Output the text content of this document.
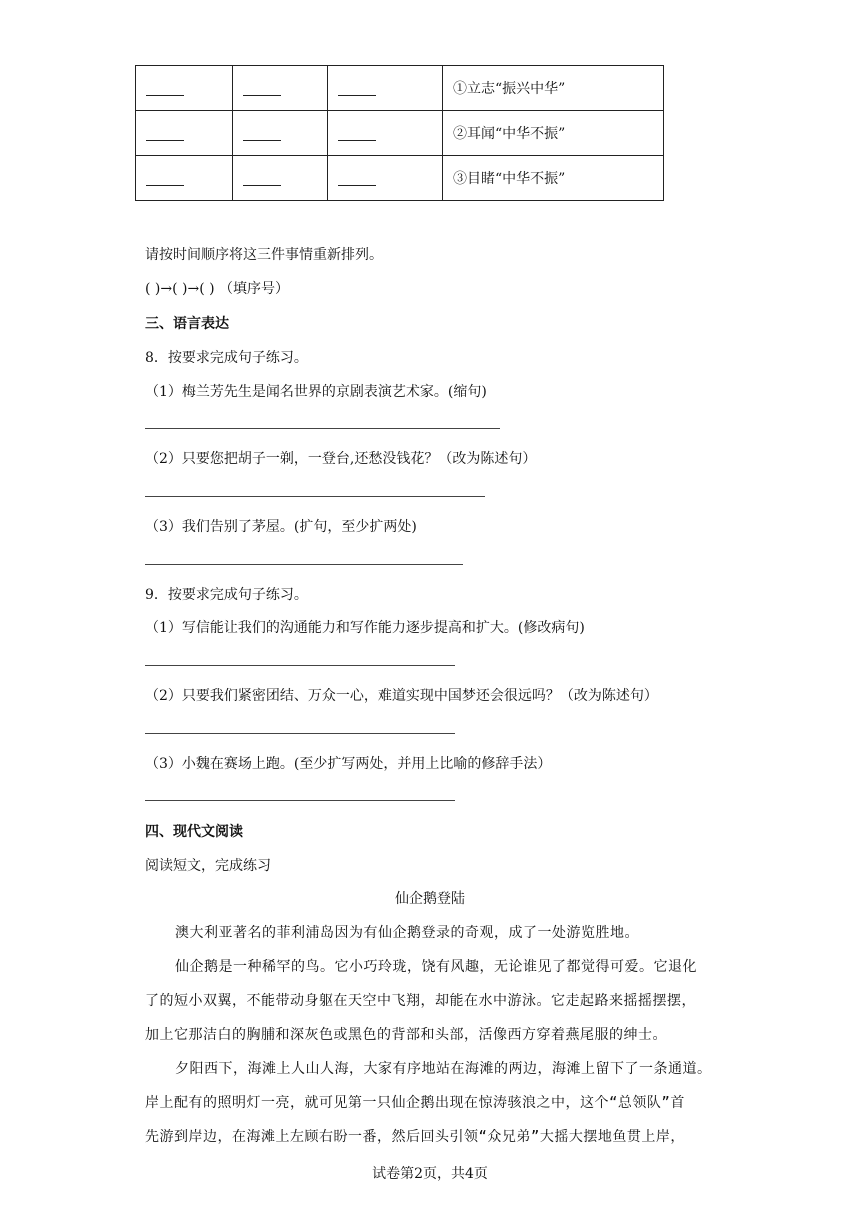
			①立志“振兴中华”
			②耳闻“中华不振”
			③目睹“中华不振”
请按时间顺序将这三件事情重新排列。
( )→( )→( ) （填序号）
三、语言表达
8．按要求完成句子练习。
（1）梅兰芳先生是闻名世界的京剧表演艺术家。(缩句)
（2）只要您把胡子一剃，一登台,还愁没钱花？（改为陈述句）
（3）我们告别了茅屋。(扩句，至少扩两处)
9．按要求完成句子练习。
（1）写信能让我们的沟通能力和写作能力逐步提高和扩大。(修改病句)
（2）只要我们紧密团结、万众一心，难道实现中国梦还会很远吗？（改为陈述句）
（3）小魏在赛场上跑。(至少扩写两处，并用上比喻的修辞手法）
四、现代文阅读
阅读短文，完成练习
仙企鹅登陆
澳大利亚著名的菲利浦岛因为有仙企鹅登录的奇观，成了一处游览胜地。
仙企鹅是一种稀罕的鸟。它小巧玲珑，饶有风趣，无论谁见了都觉得可爱。它退化
了的短小双翼，不能带动身躯在天空中飞翔，却能在水中游泳。它走起路来摇摇摆摆，
加上它那洁白的胸脯和深灰色或黑色的背部和头部，活像西方穿着燕尾服的绅士。
夕阳西下，海滩上人山人海，大家有序地站在海滩的两边，海滩上留下了一条通道。
岸上配有的照明灯一亮，就可见第一只仙企鹅出现在惊涛骇浪之中，这个“总领队”首
先游到岸边，在海滩上左顾右盼一番，然后回头引领“众兄弟”大摇大摆地鱼贯上岸，
试卷第2页，共4页
